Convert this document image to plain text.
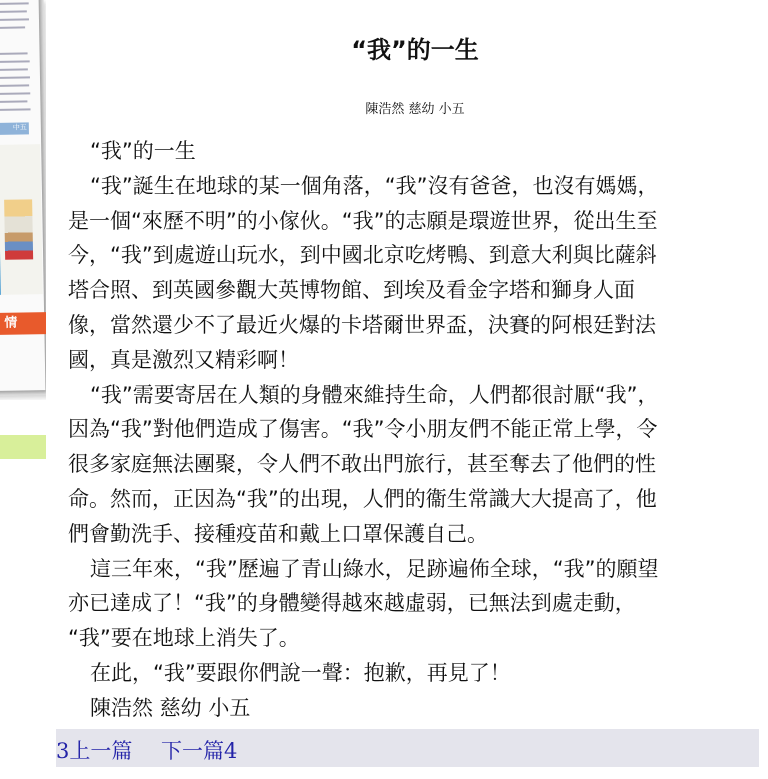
中五
情
“我”的一生
陳浩然 慈幼 小五

“我”的一生

“我”誕生在地球的某一個角落，“我”沒有爸爸，也沒有媽媽，

是一個“來歷不明”的小傢伙。“我”的志願是環遊世界，從出生至

今，“我”到處遊山玩水，到中國北京吃烤鴨、到意大利與比薩斜

塔合照、到英國參觀大英博物館、到埃及看金字塔和獅身人面

像，當然還少不了最近火爆的卡塔爾世界盃，決賽的阿根廷對法

國，真是激烈又精彩啊！

“我”需要寄居在人類的身體來維持生命，人們都很討厭“我”，

因為“我”對他們造成了傷害。“我”令小朋友們不能正常上學，令

很多家庭無法團聚，令人們不敢出門旅行，甚至奪去了他們的性

命。然而，正因為“我”的出現，人們的衞生常識大大提高了，他

們會勤洗手、接種疫苗和戴上口罩保護自己。

這三年來，“我”歷遍了青山綠水，足跡遍佈全球，“我”的願望

亦已達成了！“我”的身體變得越來越虛弱，已無法到處走動，

“我”要在地球上消失了。

在此，“我”要跟你們說一聲：抱歉，再見了！

陳浩然 慈幼 小五

3上一篇 下一篇4
